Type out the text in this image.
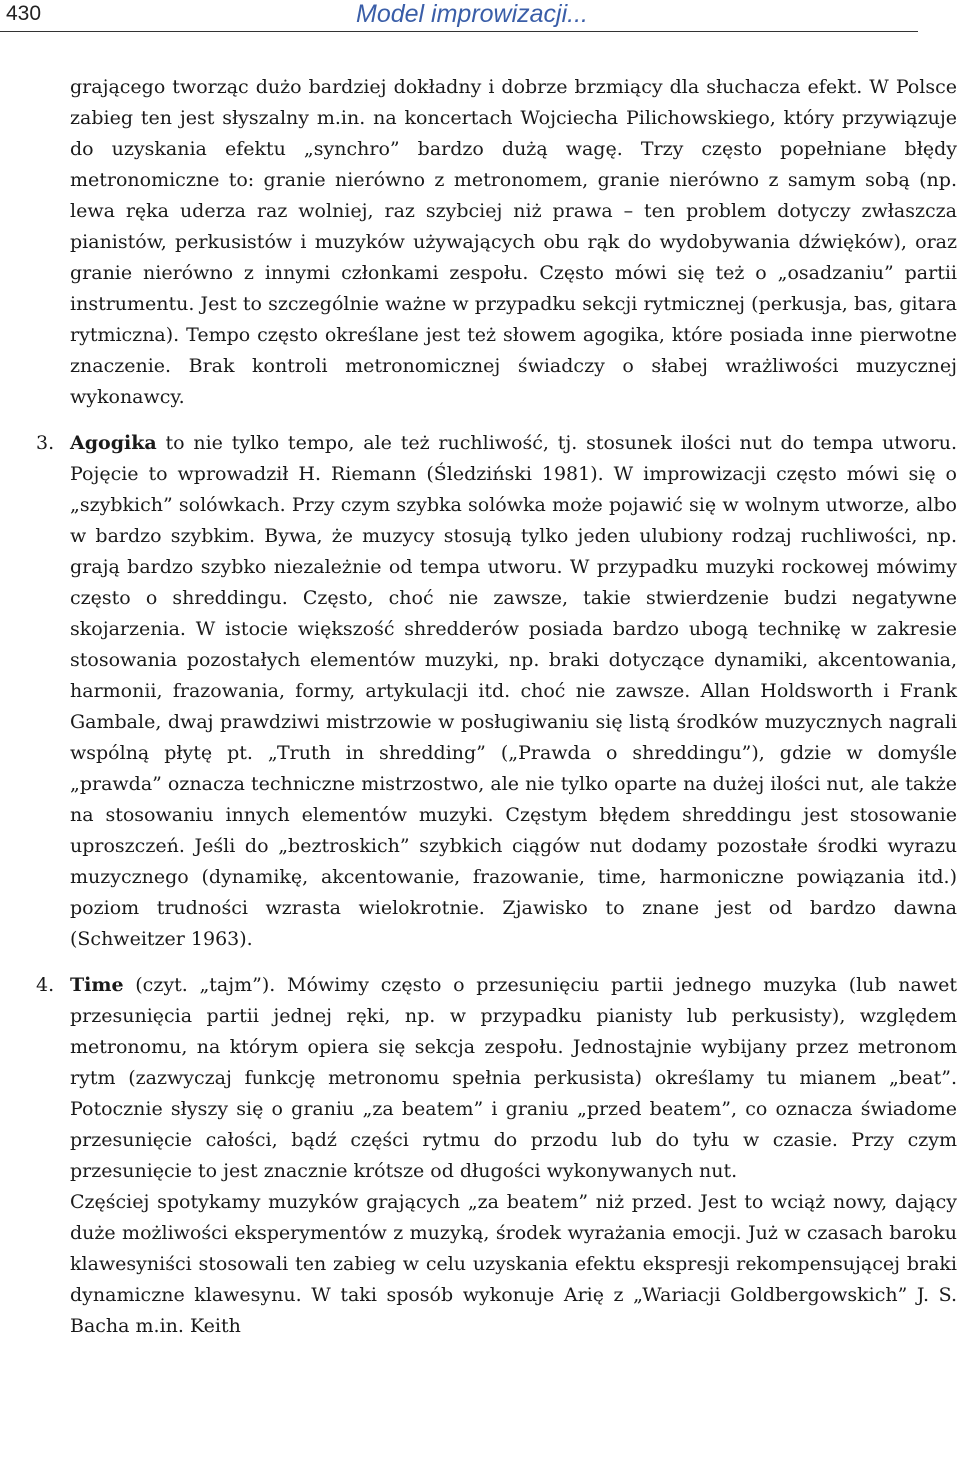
430	Model improwizacji...

grającego tworząc dużo bardziej dokładny i dobrze brzmiący dla słuchacza efekt. W Polsce zabieg ten jest słyszalny m.in. na koncertach Wojciecha Pilichowskiego, który przywiązuje do uzyskania efektu „synchro” bardzo dużą wagę. Trzy często popełniane błędy metronomiczne to: granie nierówno z metronomem, granie nierówno z samym sobą (np. lewa ręka uderza raz wolniej, raz szybciej niż prawa – ten problem dotyczy zwłaszcza pianistów, perkusistów i muzyków używających obu rąk do wydobywania dźwięków), oraz granie nierówno z innymi członkami zespołu. Często mówi się też o „osadzaniu” partii instrumentu. Jest to szczególnie ważne w przypadku sekcji rytmicznej (perkusja, bas, gitara rytmiczna). Tempo często określane jest też słowem agogika, które posiada inne pierwotne znaczenie. Brak kontroli metronomicznej świadczy o słabej wrażliwości muzycznej wykonawcy.

3. Agogika to nie tylko tempo, ale też ruchliwość, tj. stosunek ilości nut do tempa utworu. Pojęcie to wprowadził H. Riemann (Śledziński 1981). W improwizacji często mówi się o „szybkich” solówkach. Przy czym szybka solówka może pojawić się w wolnym utworze, albo w bardzo szybkim. Bywa, że muzycy stosują tylko jeden ulubiony rodzaj ruchliwości, np. grają bardzo szybko niezależnie od tempa utworu. W przypadku muzyki rockowej mówimy często o shreddingu. Często, choć nie zawsze, takie stwierdzenie budzi negatywne skojarzenia. W istocie większość shredderów posiada bardzo ubogą technikę w zakresie stosowania pozostałych elementów muzyki, np. braki dotyczące dynamiki, akcentowania, harmonii, frazowania, formy, artykulacji itd. choć nie zawsze. Allan Holdsworth i Frank Gambale, dwaj prawdziwi mistrzowie w posługiwaniu się listą środków muzycznych nagrali wspólną płytę pt. „Truth in shredding” („Prawda o shreddingu”), gdzie w domyśle „prawda” oznacza techniczne mistrzostwo, ale nie tylko oparte na dużej ilości nut, ale także na stosowaniu innych elementów muzyki. Częstym błędem shreddingu jest stosowanie uproszczeń. Jeśli do „beztroskich” szybkich ciągów nut dodamy pozostałe środki wyrazu muzycznego (dynamikę, akcentowanie, frazowanie, time, harmoniczne powiązania itd.) poziom trudności wzrasta wielokrotnie. Zjawisko to znane jest od bardzo dawna (Schweitzer 1963).

4. Time (czyt. „tajm”). Mówimy często o przesunięciu partii jednego muzyka (lub nawet przesunięcia partii jednej ręki, np. w przypadku pianisty lub perkusisty), względem metronomu, na którym opiera się sekcja zespołu. Jednostajnie wybijany przez metronom rytm (zazwyczaj funkcję metronomu spełnia perkusista) określamy tu mianem „beat”. Potocznie słyszy się o graniu „za beatem” i graniu „przed beatem”, co oznacza świadome przesunięcie całości, bądź części rytmu do przodu lub do tyłu w czasie. Przy czym przesunięcie to jest znacznie krótsze od długości wykonywanych nut.

Częściej spotykamy muzyków grających „za beatem” niż przed. Jest to wciąż nowy, dający duże możliwości eksperymentów z muzyką, środek wyrażania emocji. Już w czasach baroku klawesyniści stosowali ten zabieg w celu uzyskania efektu ekspresji rekompensującej braki dynamiczne klawesynu. W taki sposób wykonuje Arię z „Wariacji Goldbergowskich” J. S. Bacha m.in. Keith
